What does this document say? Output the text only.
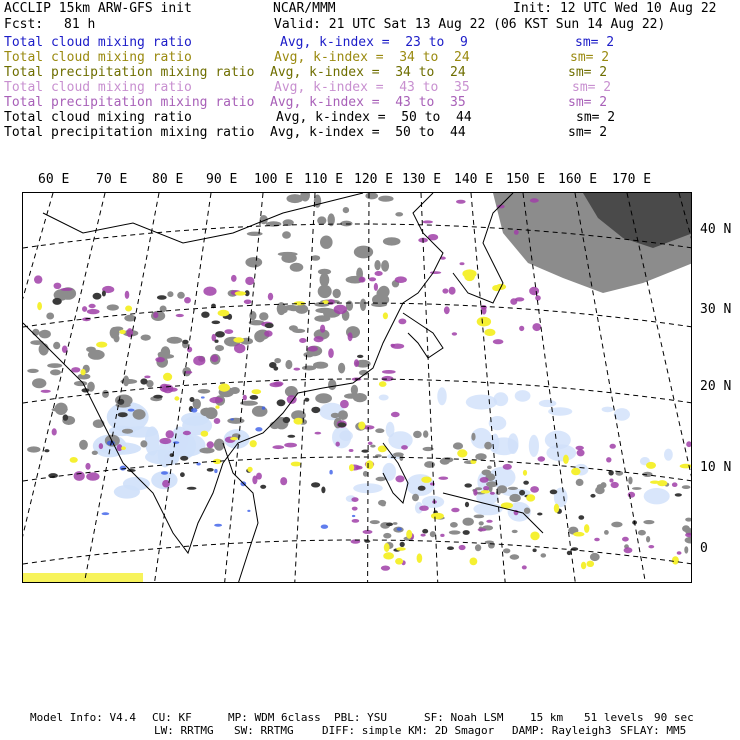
ACCLIP 15km ARW-GFS init	NCAR/MMM	Init: 12 UTC Wed 10 Aug 22
Fcst: 81 h	Valid: 21 UTC Sat 13 Aug 22 (06 KST Sun 14 Aug 22)
Total cloud mixing ratio	Avg, k-index =  23 to  9	sm= 2
Total cloud mixing ratio	Avg, k-index =  34 to  24	sm= 2
Total precipitation mixing ratio Avg, k-index =  34 to  24	sm= 2
Total cloud mixing ratio	Avg, k-index =  43 to  35	sm= 2
Total precipitation mixing ratio Avg, k-index =  43 to  35	sm= 2
Total cloud mixing ratio	Avg, k-index =  50 to  44	sm= 2
Total precipitation mixing ratio Avg, k-index =  50 to  44	sm= 2
60 E 70 E 80 E 90 E 100 E 110 E 120 E 130 E 140 E 150 E 160 E 170 E
40 N
30 N
20 N
10 N
0
Model Info: V4.4 CU: KF	MP: WDM 6class PBL: YSU	SF: Noah LSM 15 km 51 levels 90 sec
LW: RRTMG SW: RRTMG	DIFF: simple KM: 2D Smagor DAMP: Rayleigh3 SFLAY: MM5
